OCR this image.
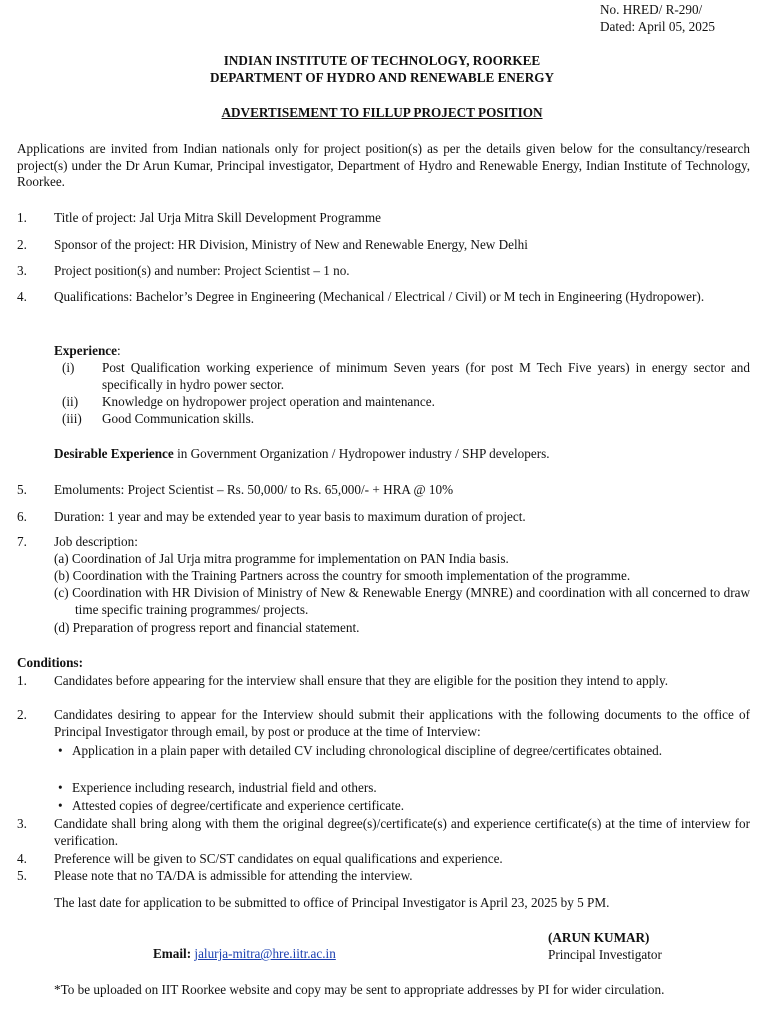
No. HRED/ R-290/
Dated: April 05, 2025
INDIAN INSTITUTE OF TECHNOLOGY, ROORKEE
DEPARTMENT OF HYDRO AND RENEWABLE ENERGY
ADVERTISEMENT TO FILLUP PROJECT POSITION
Applications are invited from Indian nationals only for project position(s) as per the details given below for the consultancy/research project(s) under the Dr Arun Kumar, Principal investigator, Department of Hydro and Renewable Energy, Indian Institute of Technology, Roorkee.
1.	Title of project: Jal Urja Mitra Skill Development Programme
2.	Sponsor of the project: HR Division, Ministry of New and Renewable Energy, New Delhi
3.	Project position(s) and number: Project Scientist – 1 no.
4.	Qualifications: Bachelor’s Degree in Engineering (Mechanical / Electrical / Civil) or M tech in Engineering (Hydropower).
Experience:
(i)	Post Qualification working experience of minimum Seven years (for post M Tech Five years) in energy sector and specifically in hydro power sector.
(ii)	Knowledge on hydropower project operation and maintenance.
(iii)	Good Communication skills.
Desirable Experience in Government Organization / Hydropower industry / SHP developers.
5.	Emoluments: Project Scientist – Rs. 50,000/ to Rs. 65,000/- + HRA @ 10%
6.	Duration: 1 year and may be extended year to year basis to maximum duration of project.
7.	Job description:
(a) Coordination of Jal Urja mitra programme for implementation on PAN India basis.
(b) Coordination with the Training Partners across the country for smooth implementation of the programme.
(c) Coordination with HR Division of Ministry of New & Renewable Energy (MNRE) and coordination with all concerned to draw time specific training programmes/ projects.
(d) Preparation of progress report and financial statement.
Conditions:
1.	Candidates before appearing for the interview shall ensure that they are eligible for the position they intend to apply.
2.	Candidates desiring to appear for the Interview should submit their applications with the following documents to the office of Principal Investigator through email, by post or produce at the time of Interview:
• Application in a plain paper with detailed CV including chronological discipline of degree/certificates obtained.
• Experience including research, industrial field and others.
• Attested copies of degree/certificate and experience certificate.
3.	Candidate shall bring along with them the original degree(s)/certificate(s) and experience certificate(s) at the time of interview for verification.
4.	Preference will be given to SC/ST candidates on equal qualifications and experience.
5.	Please note that no TA/DA is admissible for attending the interview.
The last date for application to be submitted to office of Principal Investigator is April 23, 2025 by 5 PM.
Email: jalurja-mitra@hre.iitr.ac.in
(ARUN KUMAR)
Principal Investigator
*To be uploaded on IIT Roorkee website and copy may be sent to appropriate addresses by PI for wider circulation.
